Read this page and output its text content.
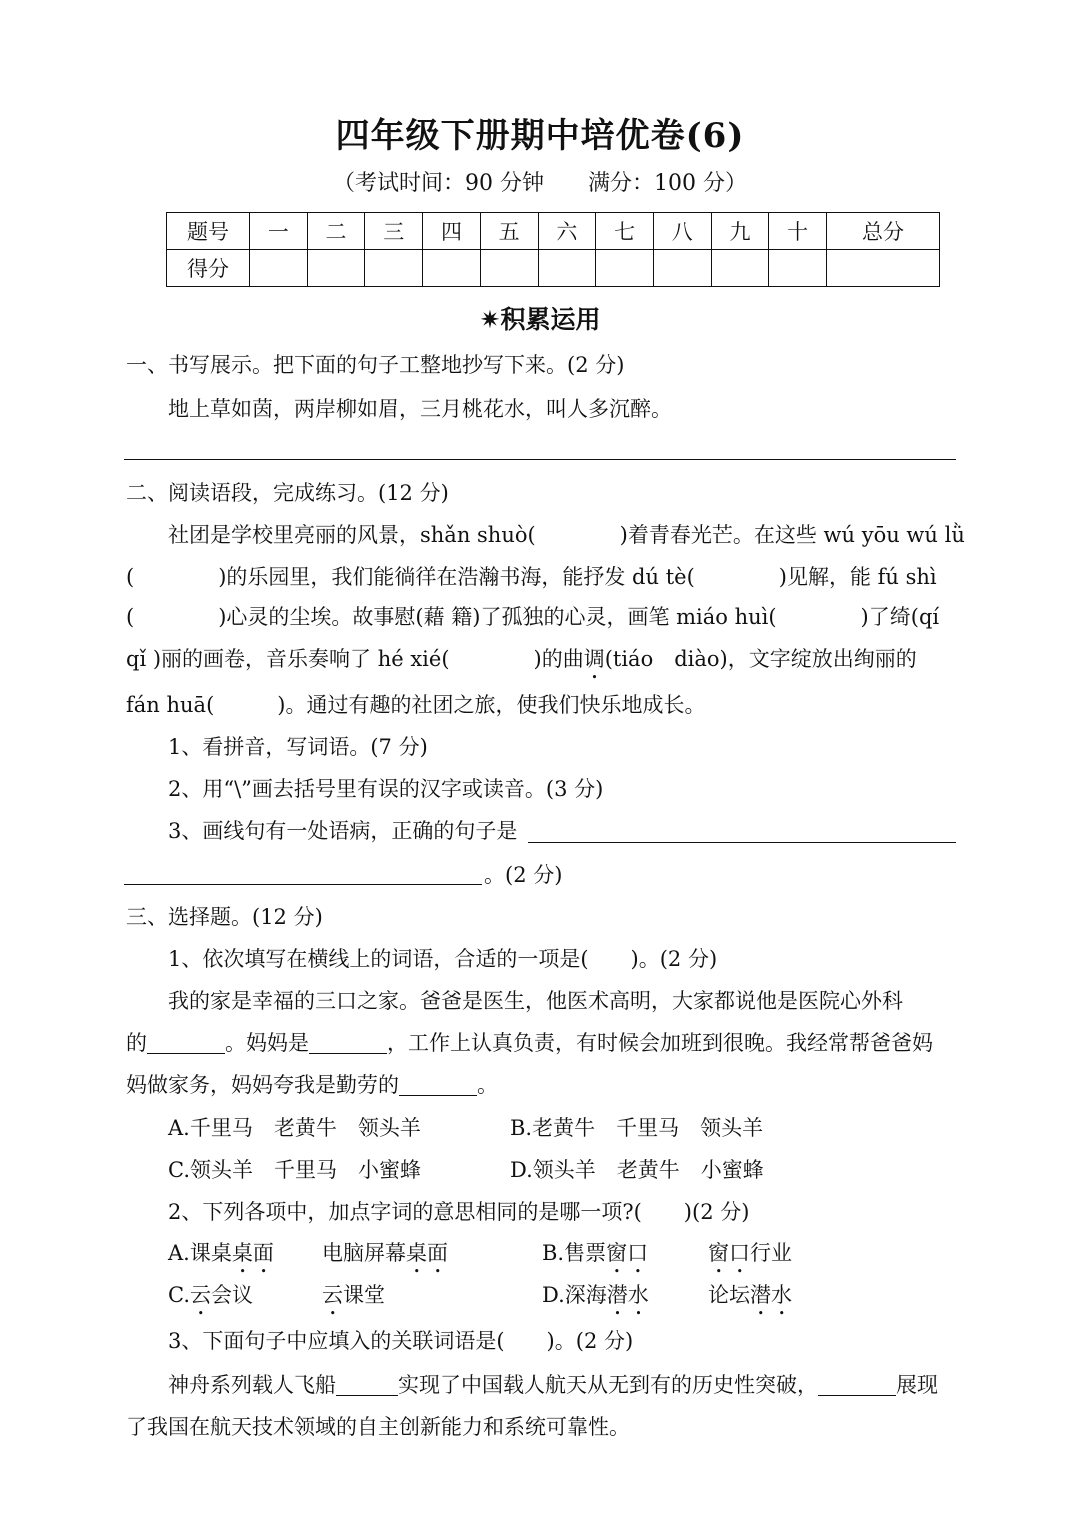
四年级下册期中培优卷(6)
（考试时间：90 分钟　　满分：100 分）
题号	一	二	三	四	五	六	七	八	九	十	总分
得分											
✷积累运用
一、书写展示。把下面的句子工整地抄写下来。(2 分)
地上草如茵，两岸柳如眉，三月桃花水，叫人多沉醉。
二、阅读语段，完成练习。(12 分)
社团是学校里亮丽的风景，shǎn shuò(　　　　)着青春光芒。在这些 wú yōu wú lǜ
(　　　　)的乐园里，我们能徜徉在浩瀚书海，能抒发 dú tè(　　　　)见解，能 fú shì
(　　　　)心灵的尘埃。故事慰(藉 籍)了孤独的心灵，画笔 miáo huì(　　　　)了绮(qí
qǐ )丽的画卷，音乐奏响了 hé xié(　　　　)的曲调(tiáo　diào)，文字绽放出绚丽的
fán huā(　　　)。通过有趣的社团之旅，使我们快乐地成长。
1、看拼音，写词语。(7 分)
2、用“\”画去括号里有误的汉字或读音。(3 分)
3、画线句有一处语病，正确的句子是
。(2 分)
三、选择题。(12 分)
1、依次填写在横线上的词语，合适的一项是(　　)。(2 分)
我的家是幸福的三口之家。爸爸是医生，他医术高明，大家都说他是医院心外科
的	。妈妈是	，工作上认真负责，有时候会加班到很晚。我经常帮爸爸妈
妈做家务，妈妈夸我是勤劳的	。
A.千里马　老黄牛　领头羊	B.老黄牛　千里马　领头羊
C.领头羊　千里马　小蜜蜂	D.领头羊　老黄牛　小蜜蜂
2、下列各项中，加点字词的意思相同的是哪一项?(　　)(2 分)
A.课桌桌面 电脑屏幕桌面	B.售票窗口	窗口行业
C.云会议	云课堂	D.深海潜水	论坛潜水
3、下面句子中应填入的关联词语是(　　)。(2 分)
神舟系列载人飞船	实现了中国载人航天从无到有的历史性突破，	展现
了我国在航天技术领域的自主创新能力和系统可靠性。
